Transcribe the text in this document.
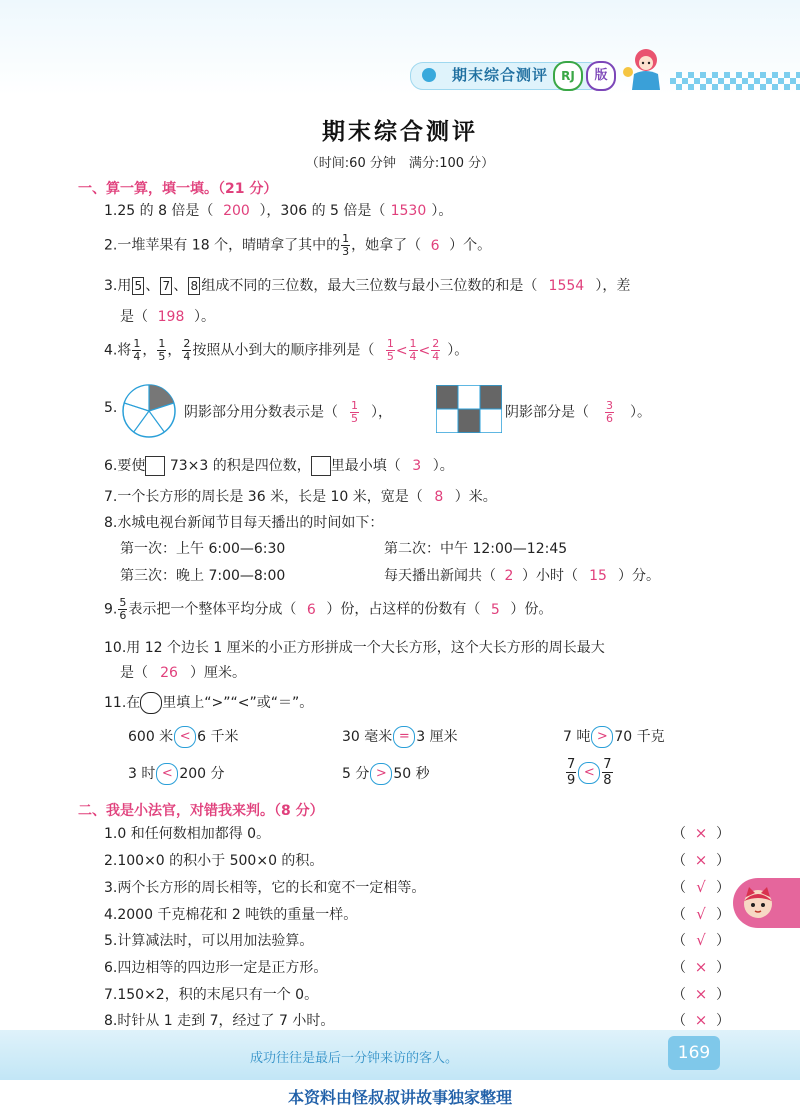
期末综合测评	RJ	版
期末综合测评
（时间:60 分钟　满分:100 分）
一、算一算，填一填。（21 分）
1.25 的 8 倍是（ 200 ），306 的 5 倍是（ 1530 ）。
2.一堆苹果有 18 个，晴晴拿了其中的 $\frac{1}{3}$ ，她拿了（ 6 ）个。
3.用 5 、 7 、 8 组成不同的三位数，最大三位数与最小三位数的和是（ 1554 ），差
是（ 198 ）。
4.将 $\frac{1}{4}$ ， $\frac{1}{5}$ ， $\frac{2}{4}$ 按照从小到大的顺序排列是（ $\frac{1}{5} < \frac{1}{4} < \frac{2}{4}$ ）。
5.	阴影部分用分数表示是（ $\frac{1}{5}$ ），	阴影部分是（ $\frac{3}{6}$ ）。
6.要使 73×3 的积是四位数， 里最小填（ 3 ）。
7.一个长方形的周长是 36 米，长是 10 米，宽是（ 8 ）米。
8.水城电视台新闻节目每天播出的时间如下：
第一次：上午 6:00—6:30	第二次：中午 12:00—12:45
第三次：晚上 7:00—8:00	每天播出新闻共（ 2 ）小时（ 15 ）分。
9. $\frac{5}{6}$ 表示把一个整体平均分成（ 6 ）份，占这样的份数有（ 5 ）份。
10.用 12 个边长 1 厘米的小正方形拼成一个大长方形，这个大长方形的周长最大
是（ 26 ）厘米。
11.在 里填上“>”“<”或“＝”。
600 米 < 6 千米	30 毫米 = 3 厘米	7 吨 > 70 千克
3 时 < 200 分	5 分 > 50 秒	$\frac{7}{9} < \frac{7}{8}$
二、我是小法官，对错我来判。（8 分）
1.0 和任何数相加都得 0。	（ × ）
2.100×0 的积小于 500×0 的积。	（ × ）
3.两个长方形的周长相等，它的长和宽不一定相等。	（ √ ）
4.2000 千克棉花和 2 吨铁的重量一样。	（ √ ）
5.计算减法时，可以用加法验算。	（ √ ）
6.四边相等的四边形一定是正方形。	（ × ）
7.150×2，积的末尾只有一个 0。	（ × ）
8.时针从 1 走到 7，经过了 7 小时。	（ × ）
成功往往是最后一分钟来访的客人。	169
本资料由怪叔叔讲故事独家整理
